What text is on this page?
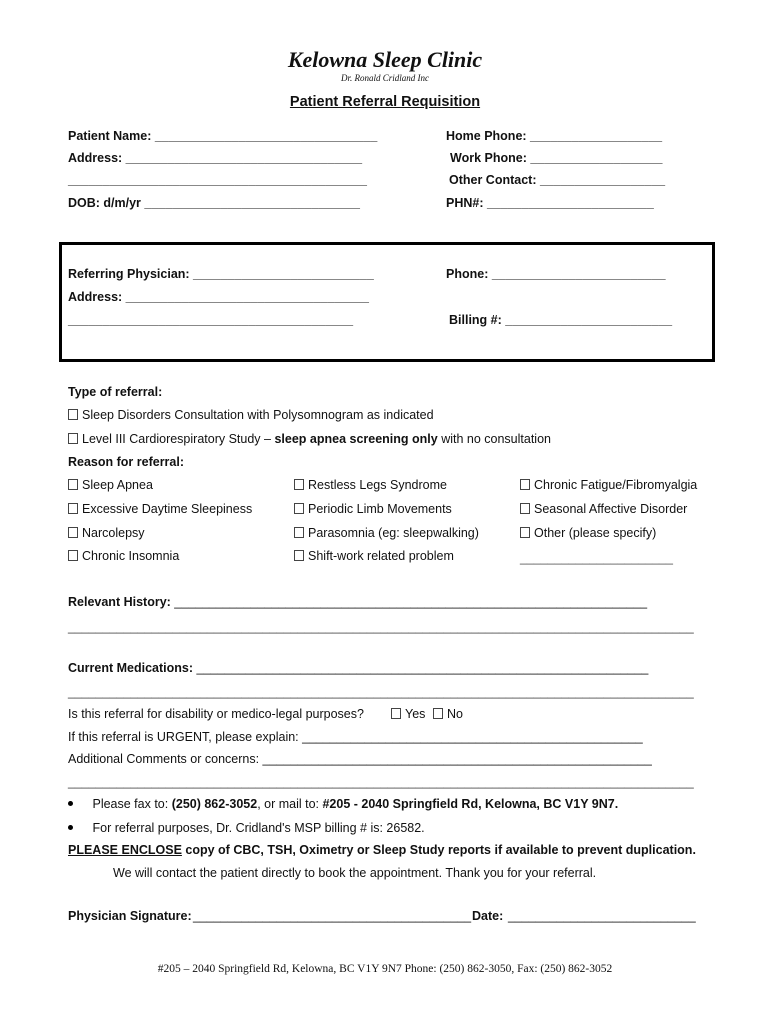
Kelowna Sleep Clinic
Dr. Ronald Cridland Inc
Patient Referral Requisition
Patient Name: ________________________________
Address: __________________________________
___________________________________________
DOB: d/m/yr _______________________________
Home Phone: ___________________
Work Phone: ___________________
Other Contact: __________________
PHN#: ________________________
Referring Physician: __________________________	Phone: _________________________
Address: ___________________________________
_________________________________________	Billing #: ________________________
Type of referral:
Sleep Disorders Consultation with Polysomnogram as indicated
Level III Cardiorespiratory Study – sleep apnea screening only with no consultation
Reason for referral:
Sleep Apnea
Excessive Daytime Sleepiness
Narcolepsy
Chronic Insomnia
Restless Legs Syndrome
Periodic Limb Movements
Parasomnia (eg: sleepwalking)
Shift-work related problem
Chronic Fatigue/Fibromyalgia
Seasonal Affective Disorder
Other (please specify)
______________________
Relevant History: ____________________________________________________________________
__________________________________________________________________________________________
Current Medications: _________________________________________________________________
__________________________________________________________________________________________
Is this referral for disability or medico-legal purposes?	Yes	No
If this referral is URGENT, please explain: _________________________________________________
Additional Comments or concerns: ________________________________________________________
__________________________________________________________________________________________
Please fax to: (250) 862-3052, or mail to: #205 - 2040 Springfield Rd, Kelowna, BC V1Y 9N7.
For referral purposes, Dr. Cridland's MSP billing # is: 26582.
PLEASE ENCLOSE copy of CBC, TSH, Oximetry or Sleep Study reports if available to prevent duplication.
We will contact the patient directly to book the appointment. Thank you for your referral.
Physician Signature: ________________________________________ Date: ___________________________
#205 – 2040 Springfield Rd, Kelowna, BC V1Y 9N7 Phone: (250) 862-3050, Fax: (250) 862-3052
